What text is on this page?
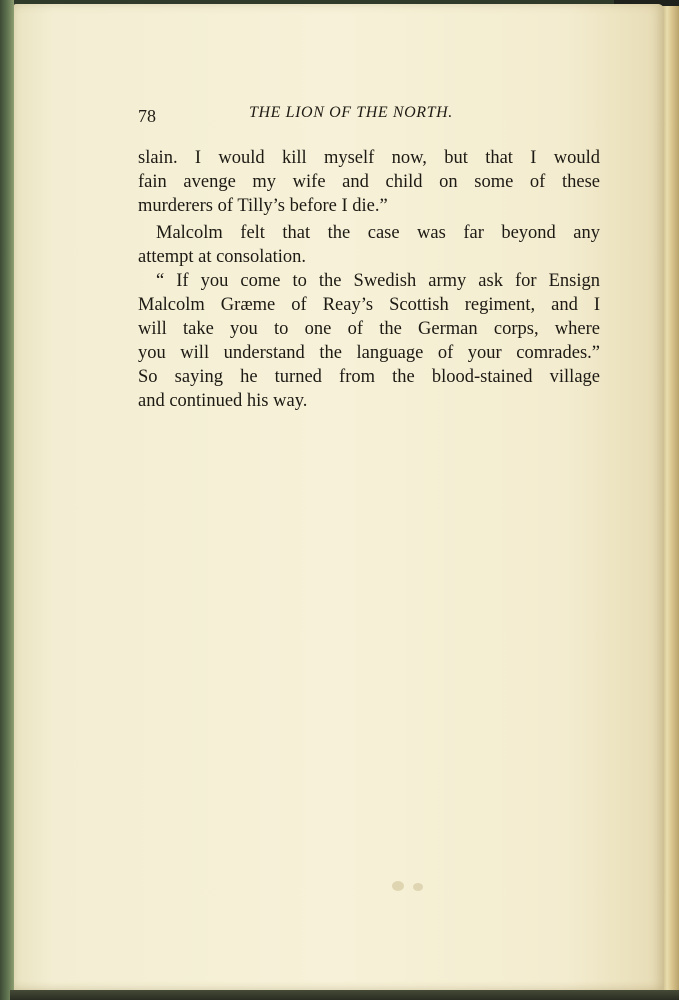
78	THE LION OF THE NORTH.
slain. I would kill myself now, but that I would
fain avenge my wife and child on some of these
murderers of Tilly’s before I die.”
Malcolm felt that the case was far beyond any
attempt at consolation.
“ If you come to the Swedish army ask for Ensign
Malcolm Græme of Reay’s Scottish regiment, and I
will take you to one of the German corps, where
you will understand the language of your comrades.”
So saying he turned from the blood-stained village
and continued his way.
